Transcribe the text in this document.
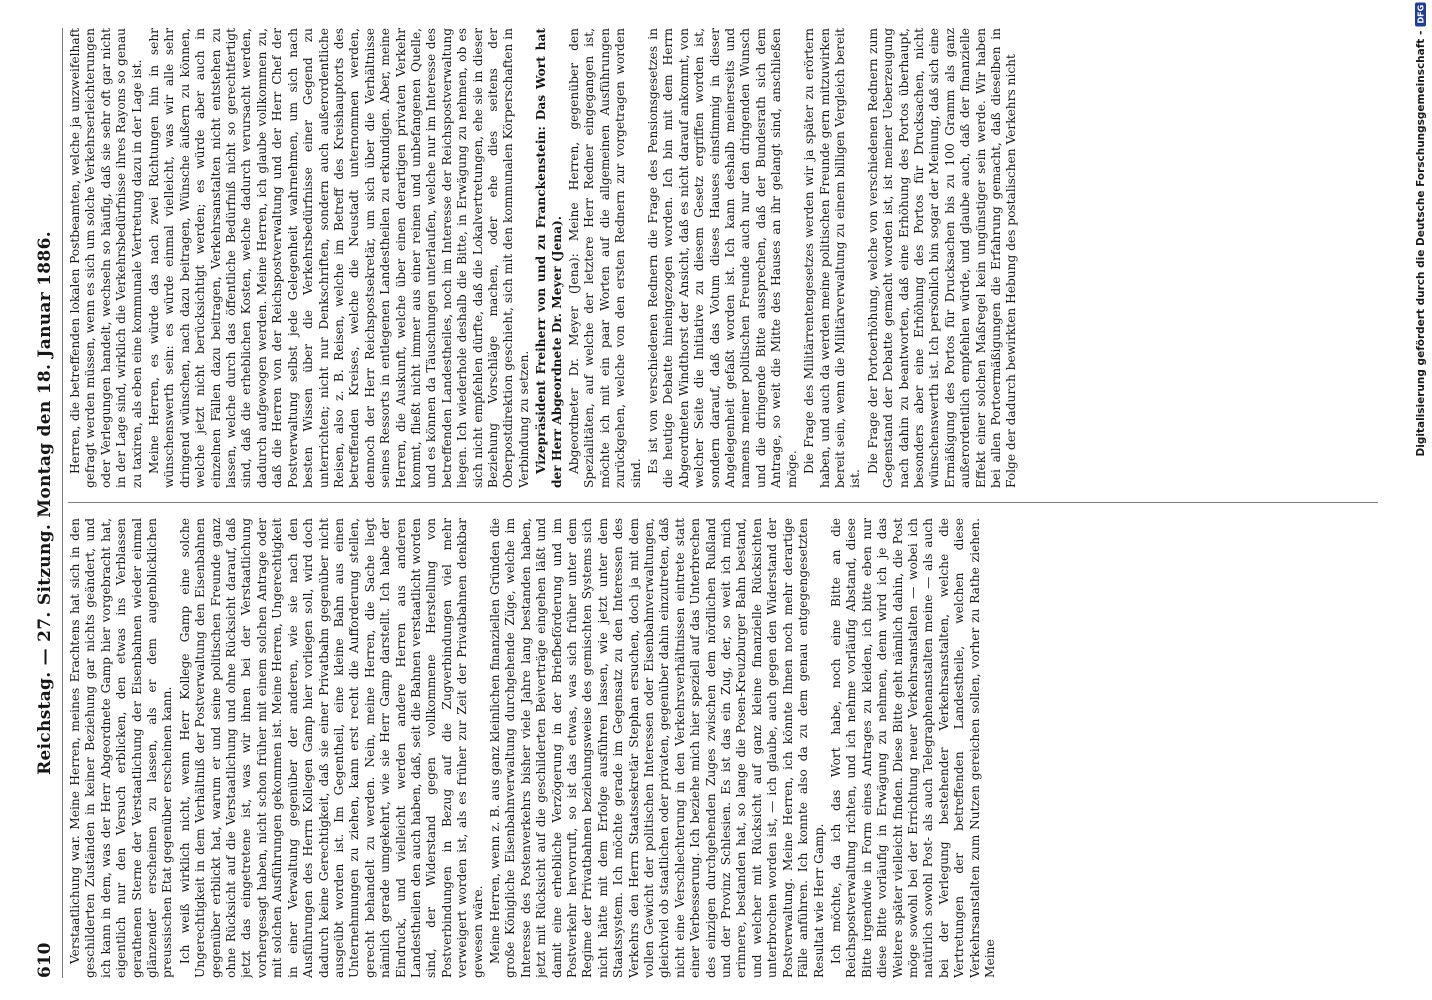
610
Reichstag. — 27. Sitzung. Montag den 18. Januar 1886. Verstaatlichung war. Meine Herren, meines Erachtens hat sich in den geschilderten Zuständen in keiner Beziehung gar nichts geändert, und ich kann in dem, was der Herr Abgeordnete Gamp hier vorgebracht hat, eigentlich nur den Versuch erblicken, den etwas ins Verblassen gerathenen Sterne der Verstaatlichung der Eisenbahnen wieder einmal glänzender erscheinen zu lassen, als er dem augenblicklichen preussischen Etat gegenüber erscheinen kann. Ich weiß wirklich nicht, wenn Herr Kollege Gamp eine solche Ungerechtigkeit in dem Verhältniß der Postverwaltung den Eisenbahnen gegenüber erblickt hat, warum er und seine politischen Freunde ganz ohne Rücksicht auf die Verstaatlichung und ohne Rücksicht darauf, daß jetzt das eingetretene ist, was wir ihnen bei der Verstaatlichung vorhergesagt haben, nicht schon früher mit einem solchen Antrage oder mit solchen Ausführungen gekommen ist. Meine Herren, Ungerechtigkeit in einer Verwaltung gegenüber der anderen, wie sie nach den Ausführungen des Herrn Kollegen Gamp hier vorliegen soll, wird doch dadurch keine Gerechtigkeit, daß sie einer Privatbahn gegenüber nicht ausgeübt worden ist. Im Gegentheil, eine kleine Bahn aus einen Unternehmungen zu ziehen, kann erst recht die Aufforderung stellen, gerecht behandelt zu werden. Nein, meine Herren, die Sache liegt nämlich gerade umgekehrt, wie sie Herr Gamp darstellt. Ich habe der Eindruck, und vielleicht werden andere Herren aus anderen Landestheilen den auch haben, daß, seit die Bahnen verstaatlicht worden sind, der Widerstand gegen vollkommene Herstellung von Postverbindungen in Bezug auf die Zugverbindungen viel mehr verweigert worden ist, als es früher zur Zeit der Privatbahnen denkbar gewesen wäre. Meine Herren, wenn z. B. aus ganz kleinlichen finanziellen Gründen die große Königliche Eisenbahnverwaltung durchgehende Züge, welche im Interesse des Postenverkehrs bisher viele Jahre lang bestanden haben, jetzt mit Rücksicht auf die geschilderten Beiverträge eingehen läßt und damit eine erhebliche Verzögerung in der Briefbeförderung und im Postverkehr hervorruft, so ist das etwas, was sich früher unter dem Regime der Privatbahnen beziehungsweise des gemischten Systems sich nicht hätte mit dem Erfolge ausführen lassen, wie jetzt unter dem Staatssystem. Ich möchte gerade im Gegensatz zu den Interessen des Verkehrs den Herrn Staatssekretär Stephan ersuchen, doch ja mit dem vollen Gewicht der politischen Interessen oder Eisenbahnverwaltungen, gleichviel ob staatlichen oder privaten, gegenüber dahin einzutreten, daß nicht eine Verschlechterung in den Verkehrsverhältnissen eintrete statt einer Verbesserung. Ich beziehe mich hier speziell auf das Unterbrechen des einzigen durchgehenden Zuges zwischen dem nördlichen Rußland und der Provinz Schlesien. Es ist das ein Zug, der, so weit ich mich erinnere, bestanden hat, so lange die Posen-Kreuzburger Bahn bestand, und welcher mit Rücksicht auf ganz kleine finanzielle Rücksichten unterbrochen worden ist, — ich glaube, auch gegen den Widerstand der Postverwaltung. Meine Herren, ich könnte Ihnen noch mehr derartige Fälle anführen. Ich konnte also da zu dem genau entgegengesetzten Resultat wie Herr Gamp. Ich möchte, da ich das Wort habe, noch eine Bitte an die Reichspostverwaltung richten, und ich nehme vorläufig Abstand, diese Bitte irgendwie in Form eines Antrages zu kleiden, ich bitte eben nur diese Bitte vorläufig in Erwägung zu nehmen, denn wird ich je das Weitere später vielleicht finden. Diese Bitte geht nämlich dahin, die Post möge sowohl bei der Errichtung neuer Verkehrsanstalten — wobei ich natürlich sowohl Post- als auch Telegraphenanstalten meine — als auch bei der Verlegung bestehender Verkehrsanstalten, welche die Vertretungen der betreffenden Landestheile, welchen diese Verkehrsanstalten zum Nutzen gereichen sollen, vorher zu Rathe ziehen. Meine

Herren, die betreffenden lokalen Postbeamten, welche ja unzweifelhaft gefragt werden müssen, wenn es sich um solche Verkehrserleichterungen oder Verlegungen handelt, wechseln so häufig, daß sie sehr oft gar nicht in der Lage sind, wirklich die Verkehrsbedürfnisse ihres Rayons so genau zu taxiren, als eben eine kommunale Vertretung dazu in der Lage ist. Meine Herren, es würde das nach zwei Richtungen hin in sehr wünschenswerth sein: es würde einmal vielleicht, was wir alle sehr dringend wünschen, nach dazu beitragen, Wünsche äußern zu können, welche jetzt nicht berücksichtigt werden; es würde aber auch in einzelnen Fällen dazu beitragen, Verkehrsanstalten nicht entstehen zu lassen, welche durch das öffentliche Bedürfniß nicht so gerechtfertigt sind, daß die erheblichen Kosten, welche dadurch verursacht werden, dadurch aufgewogen werden. Meine Herren, ich glaube vollkommen zu, daß die Herren von der Reichspostverwaltung und der Herr Chef der Postverwaltung selbst jede Gelegenheit wahrnehmen, um sich nach besten Wissen über die Verkehrsbedürfnisse einer Gegend zu unterrichten; nicht nur Denkschriften, sondern auch außerordentliche Reisen, also z. B. Reisen, welche im Betreff des Kreishauptorts des betreffenden Kreises, welche die Neustadt unternommen werden, dennoch der Herr Reichspostsekretär, um sich über die Verhältnisse seines Ressorts in entlegenen Landestheilen zu erkundigen. Aber, meine Herren, die Auskunft, welche über einen derartigen privaten Verkehr kommt, fließt nicht immer aus einer reinen und unbefangenen Quelle, und es können da Täuschungen unterlaufen, welche nur im Interesse des betreffenden Landestheiles, noch im Interesse der Reichspostverwaltung liegen. Ich wiederhole deshalb die Bitte, in Erwägung zu nehmen, ob es sich nicht empfehlen dürfte, daß die Lokalvertretungen, ehe sie in dieser Beziehung Vorschläge machen, oder ehe dies seitens der Oberpostdirektion geschieht, sich mit den kommunalen Körperschaften in Verbindung zu setzen. Vizepräsident Freiherr von und zu Franckenstein: Das Wort hat der Herr Abgeordnete Dr. Meyer (Jena). Abgeordneter Dr. Meyer (Jena): Meine Herren, gegenüber den Spezialitäten, auf welche der letztere Herr Redner eingegangen ist, möchte ich mit ein paar Worten auf die allgemeinen Ausführungen zurückgehen, welche von den ersten Rednern zur vorgetragen worden sind. Es ist von verschiedenen Rednern die Frage des Pensionsgesetzes in die heutige Debatte hineingezogen worden. Ich bin mit dem Herrn Abgeordneten Windthorst der Ansicht, daß es nicht darauf ankommt, von welcher Seite die Initiative zu diesem Gesetz ergriffen worden ist, sondern darauf, daß das Votum dieses Hauses einstimmig in dieser Angelegenheit gefaßt worden ist. Ich kann deshalb meinerseits und namens meiner politischen Freunde auch nur den dringenden Wunsch und die dringende Bitte aussprechen, daß der Bundesrath sich dem Antrage, so weit die Mitte des Hauses an ihr gelangt sind, anschließen möge. Die Frage des Militärrentengesetzes werden wir ja später zu erörtern haben, und auch da werden meine politischen Freunde gern mitzuwirken bereit sein, wenn die Militärverwaltung zu einem billigen Vergleich bereit ist.

Die Frage der Portoerhöhung, welche von verschiedenen Rednern zum Gegenstand der Debatte gemacht worden ist, ist meiner Ueberzeugung nach dahin zu beantworten, daß eine Erhöhung des Portos überhaupt, besonders aber eine Erhöhung des Portos für Drucksachen, nicht wünschenswerth ist. Ich persönlich bin sogar der Meinung, daß sich eine Ermäßigung des Portos für Drucksachen bis zu 100 Gramm als ganz außerordentlich empfehlen würde, und glaube auch, daß der finanzielle Effekt einer solchen Maßregel kein ungünstiger sein werde. Wir haben bei allen Portoermäßigungen die Erfahrung gemacht, daß dieselben in Folge der dadurch bewirkten Hebung des postalischen Verkehrs nicht	Digitalisierung gefördert durch die Deutsche Forschungsgemeinschaft -
DFG
